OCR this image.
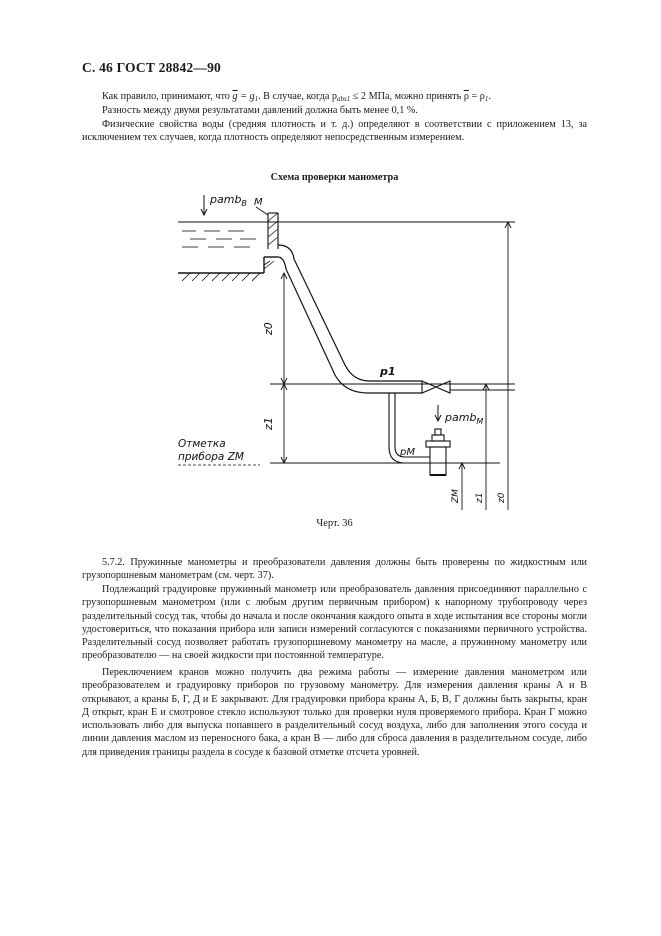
С. 46 ГОСТ 28842—90

Как правило, принимают, что $\overline{g} = g_1$. В случае, когда $p_{abs1} \le 2$ МПа, можно принять $\overline{\rho} = \rho_1$.

Разность между двумя результатами давлений должна быть менее 0,1 %.

Физические свойства воды (средняя плотность и т. д.) определяют в соответствии с приложением 13, за исключением тех случаев, когда плотность определяют непосредственным измерением.

Схема проверки манометра
pamb$_B$ M
z0
p1
z1	pamb$_M$
pM
Отметка
прибора ZM
ZM z1 z0
Черт. 36

5.7.2. Пружинные манометры и преобразователи давления должны быть проверены по жидкостным или грузопоршневым манометрам (см. черт. 37).

Подлежащий градуировке пружинный манометр или преобразователь давления присоединяют параллельно с грузопоршневым манометром (или с любым другим первичным прибором) к напорному трубопроводу через разделительный сосуд так, чтобы до начала и после окончания каждого опыта в ходе испытания все стороны могли удостовериться, что показания прибора или записи измерений согласуются с показаниями первичного устройства. Разделительный сосуд позволяет работать грузопоршневому манометру на масле, а пружинному манометру или преобразователю — на своей жидкости при постоянной температуре.

Переключением кранов можно получить два режима работы — измерение давления манометром или преобразователем и градуировку приборов по грузовому манометру. Для измерения давления краны А и В открывают, а краны Б, Г, Д и Е закрывают. Для градуировки прибора краны А, Б, В, Г должны быть закрыты, кран Д открыт, кран Е и смотровое стекло используют только для проверки нуля проверяемого прибора. Кран Г можно использовать либо для выпуска попавшего в разделительный сосуд воздуха, либо для заполнения этого сосуда и линии давления маслом из переносного бака, а кран В — либо для сброса давления в разделительном сосуде, либо для приведения границы раздела в сосуде к базовой отметке отсчета уровней.
